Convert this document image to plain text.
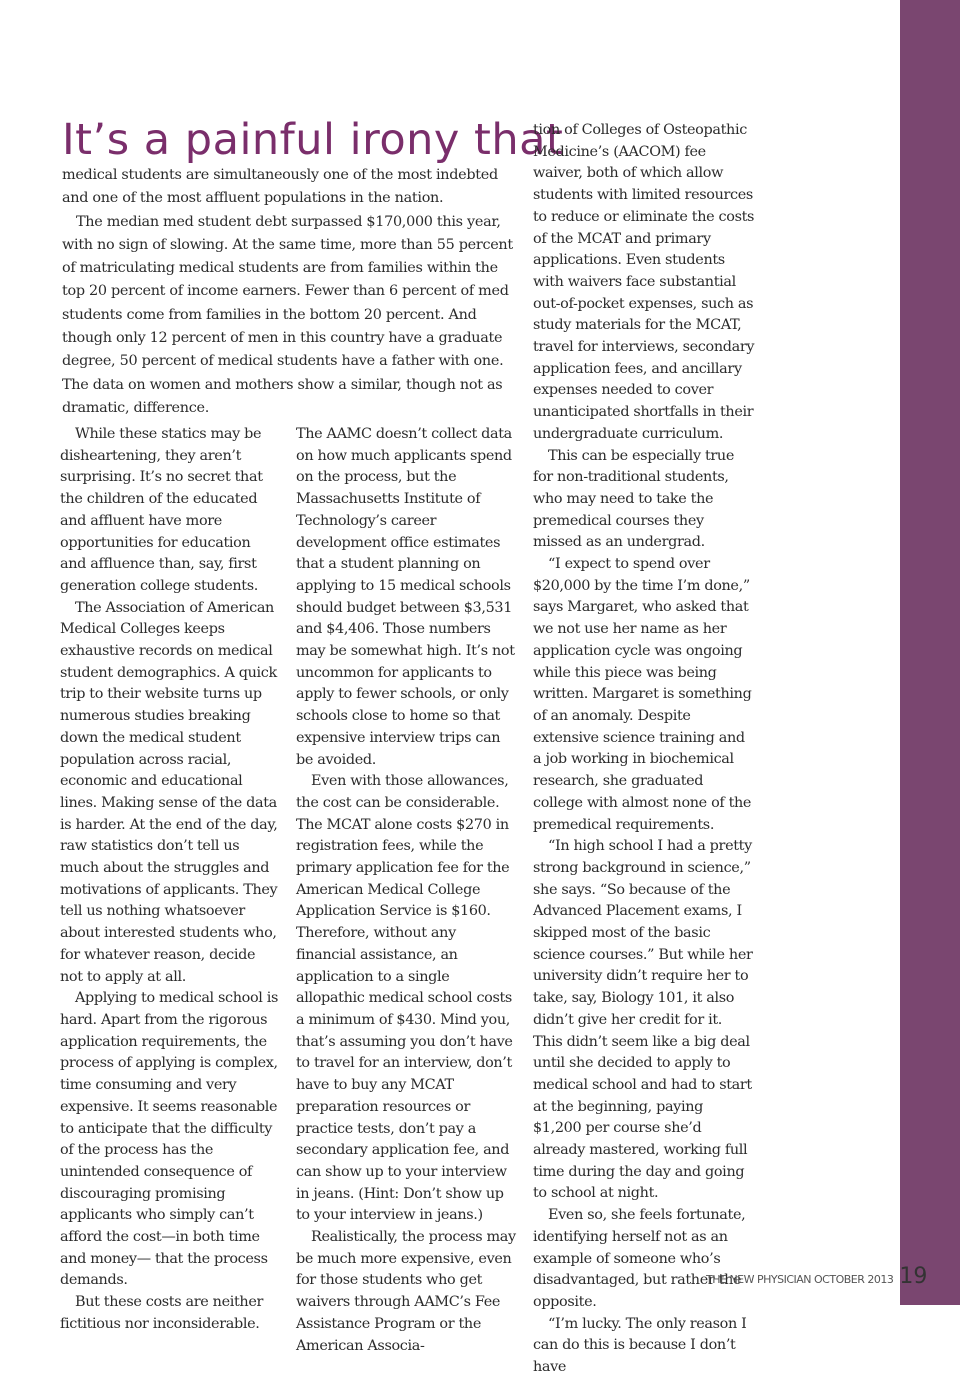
It’s a painful irony that

medical students are simultaneously one of the most indebted and one of the most affluent populations in the nation.

The median med student debt surpassed $170,000 this year, with no sign of slowing. At the same time, more than 55 percent of matriculating medical students are from families within the top 20 percent of income earners. Fewer than 6 percent of med students come from families in the bottom 20 percent. And though only 12 percent of men in this country have a graduate degree, 50 percent of medical students have a father with one. The data on women and mothers show a similar, though not as dramatic, difference.

While these statics may be disheartening, they aren’t surprising. It’s no secret that the children of the educated and affluent have more opportunities for education and affluence than, say, first generation college students.

The Association of American Medical Colleges keeps exhaustive records on medical student demographics. A quick trip to their website turns up numerous studies breaking down the medical student population across racial, economic and educational lines. Making sense of the data is harder. At the end of the day, raw statistics don’t tell us much about the struggles and motivations of applicants. They tell us nothing whatsoever about interested students who, for whatever reason, decide not to apply at all.

Applying to medical school is hard. Apart from the rigorous application requirements, the process of applying is complex, time consuming and very expensive. It seems reasonable to anticipate that the difficulty of the process has the unintended consequence of discouraging promising applicants who simply can’t afford the cost—in both time and money— that the process demands.

But these costs are neither fictitious nor inconsiderable.

The AAMC doesn’t collect data on how much applicants spend on the process, but the Massachusetts Institute of Technology’s career development office estimates that a student planning on applying to 15 medical schools should budget between $3,531 and $4,406. Those numbers may be somewhat high. It’s not uncommon for applicants to apply to fewer schools, or only schools close to home so that expensive interview trips can be avoided.

Even with those allowances, the cost can be considerable. The MCAT alone costs $270 in registration fees, while the primary application fee for the American Medical College Application Service is $160. Therefore, without any financial assistance, an application to a single allopathic medical school costs a minimum of $430. Mind you, that’s assuming you don’t have to travel for an interview, don’t have to buy any MCAT preparation resources or practice tests, don’t pay a secondary application fee, and can show up to your interview in jeans. (Hint: Don’t show up to your interview in jeans.)

Realistically, the process may be much more expensive, even for those students who get waivers through AAMC’s Fee Assistance Program or the American Associa-

tion of Colleges of Osteopathic Medicine’s (AACOM) fee waiver, both of which allow students with limited resources to reduce or eliminate the costs of the MCAT and primary applications. Even students with waivers face substantial out-of-pocket expenses, such as study materials for the MCAT, travel for interviews, secondary application fees, and ancillary expenses needed to cover unanticipated shortfalls in their undergraduate curriculum.

This can be especially true for non-traditional students, who may need to take the premedical courses they missed as an undergrad.

“I expect to spend over $20,000 by the time I’m done,” says Margaret, who asked that we not use her name as her application cycle was ongoing while this piece was being written. Margaret is something of an anomaly. Despite extensive science training and a job working in biochemical research, she graduated college with almost none of the premedical requirements.

“In high school I had a pretty strong background in science,” she says. “So because of the Advanced Placement exams, I skipped most of the basic science courses.” But while her university didn’t require her to take, say, Biology 101, it also didn’t give her credit for it. This didn’t seem like a big deal until she decided to apply to medical school and had to start at the beginning, paying $1,200 per course she’d already mastered, working full time during the day and going to school at night.

Even so, she feels fortunate, identifying herself not as an example of someone who’s disadvantaged, but rather the opposite.

“I’m lucky. The only reason I can do this is because I don’t have

THE NEW PHYSICIAN OCTOBER 2013 19
